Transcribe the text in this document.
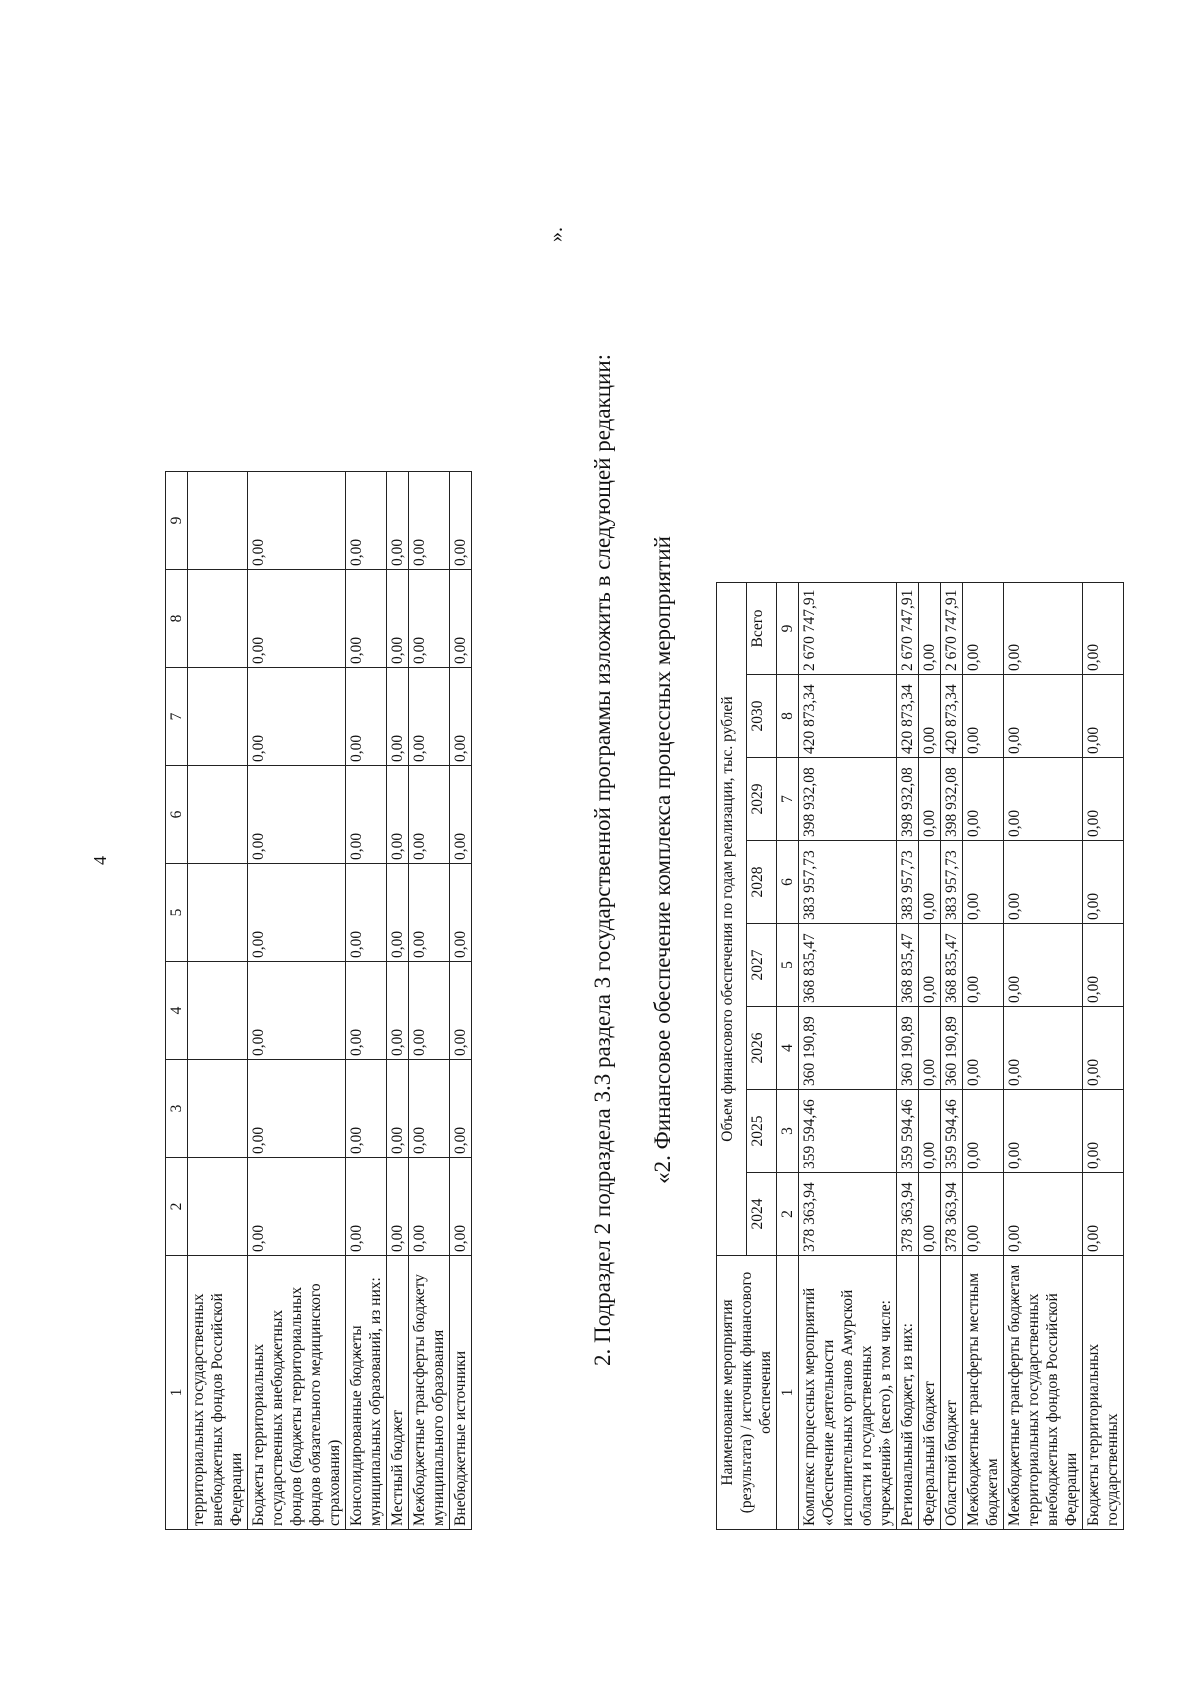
4
1	2	3	4	5	6	7	8	9
территориальных государственных внебюджетных фондов Российской Федерации								
Бюджеты территориальных государственных внебюджетных фондов (бюджеты территориальных фондов обязательного медицинского страхования)	0,00	0,00	0,00	0,00	0,00	0,00	0,00	0,00
Консолидированные бюджеты муниципальных образований, из них:	0,00	0,00	0,00	0,00	0,00	0,00	0,00	0,00
Местный бюджет	0,00	0,00	0,00	0,00	0,00	0,00	0,00	0,00
Межбюджетные трансферты бюджету муниципального образования	0,00	0,00	0,00	0,00	0,00	0,00	0,00	0,00
Внебюджетные источники	0,00	0,00	0,00	0,00	0,00	0,00	0,00	0,00
».
2. Подраздел 2 подраздела 3.3 раздела 3 государственной программы изложить в следующей редакции: «2. Финансовое обеспечение комплекса процессных мероприятий
Наименование мероприятия (результата) / источник финансового обеспечения	Объем финансового обеспечения по годам реализации, тыс. рублей							
	2024	2025	2026	2027	2028	2029	2030	Всего
1	2	3	4	5	6	7	8	9
Комплекс процессных мероприятий «Обеспечение деятельности исполнительных органов Амурской области и государственных учреждений» (всего), в том числе:	378 363,94	359 594,46	360 190,89	368 835,47	383 957,73	398 932,08	420 873,34	2 670 747,91
Региональный бюджет, из них:	378 363,94	359 594,46	360 190,89	368 835,47	383 957,73	398 932,08	420 873,34	2 670 747,91
Федеральный бюджет	0,00	0,00	0,00	0,00	0,00	0,00	0,00	0,00
Областной бюджет	378 363,94	359 594,46	360 190,89	368 835,47	383 957,73	398 932,08	420 873,34	2 670 747,91
Межбюджетные трансферты местным бюджетам	0,00	0,00	0,00	0,00	0,00	0,00	0,00	0,00
Межбюджетные трансферты бюджетам территориальных государственных внебюджетных фондов Российской Федерации	0,00	0,00	0,00	0,00	0,00	0,00	0,00	0,00
Бюджеты территориальных государственных	0,00	0,00	0,00	0,00	0,00	0,00	0,00	0,00
